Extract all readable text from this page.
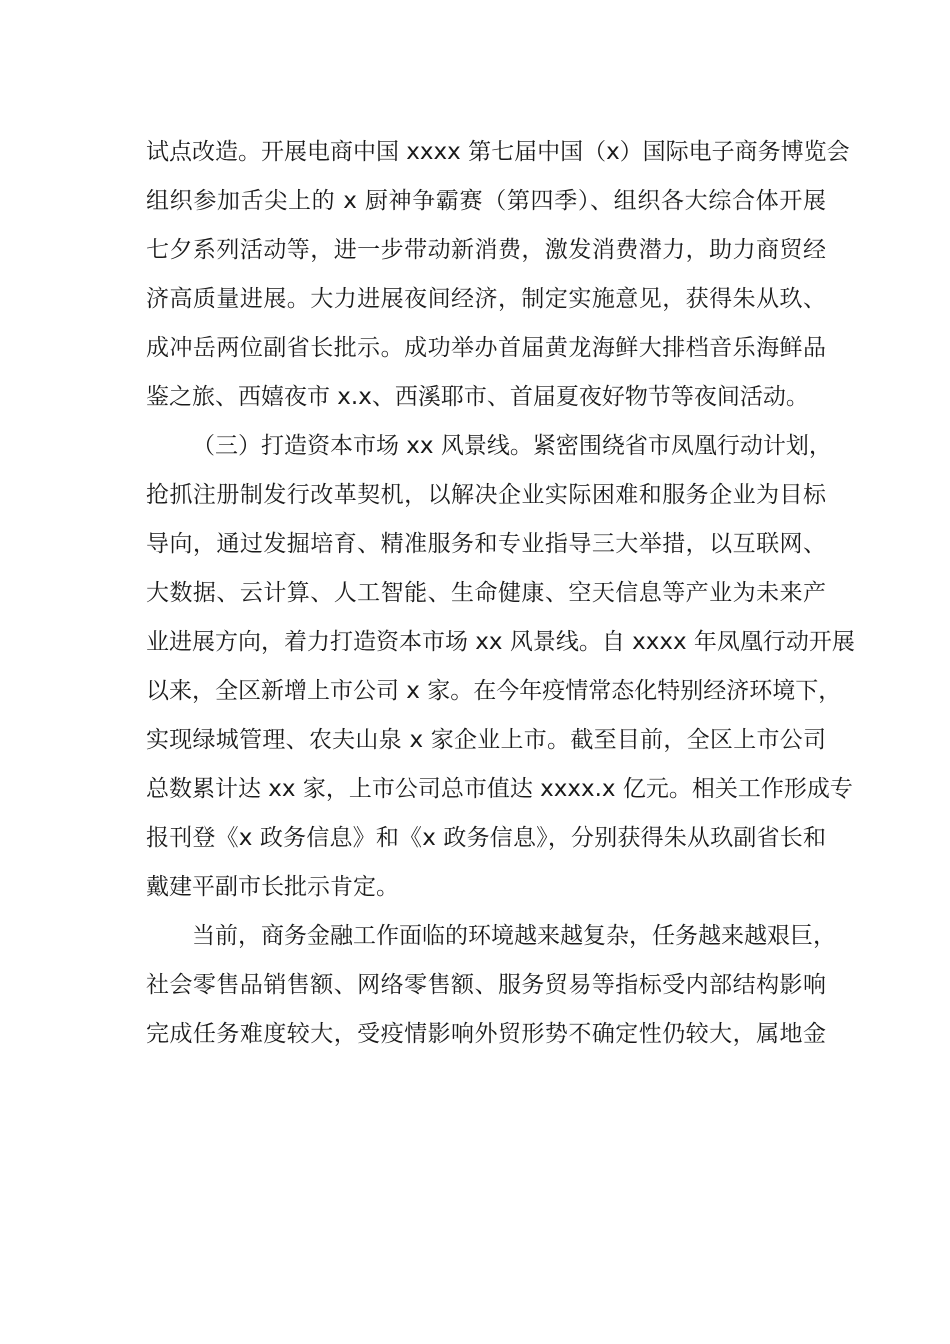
试点改造。开展电商中国 xxxx 第七届中国（x）国际电子商务博览会
组织参加舌尖上的 x 厨神争霸赛（第四季）、组织各大综合体开展
七夕系列活动等，进一步带动新消费，激发消费潜力，助力商贸经
济高质量进展。大力进展夜间经济，制定实施意见，获得朱从玖、
成冲岳两位副省长批示。成功举办首届黄龙海鲜大排档音乐海鲜品
鉴之旅、西嬉夜市 x.x、西溪耶市、首届夏夜好物节等夜间活动。
（三）打造资本市场 xx 风景线。紧密围绕省市凤凰行动计划，
抢抓注册制发行改革契机，以解决企业实际困难和服务企业为目标
导向，通过发掘培育、精准服务和专业指导三大举措，以互联网、
大数据、云计算、人工智能、生命健康、空天信息等产业为未来产
业进展方向，着力打造资本市场 xx 风景线。自 xxxx 年凤凰行动开展
以来，全区新增上市公司 x 家。在今年疫情常态化特别经济环境下，
实现绿城管理、农夫山泉 x 家企业上市。截至目前，全区上市公司
总数累计达 xx 家，上市公司总市值达 xxxx.x 亿元。相关工作形成专
报刊登《x 政务信息》和《x 政务信息》，分别获得朱从玖副省长和
戴建平副市长批示肯定。
当前，商务金融工作面临的环境越来越复杂，任务越来越艰巨，
社会零售品销售额、网络零售额、服务贸易等指标受内部结构影响
完成任务难度较大，受疫情影响外贸形势不确定性仍较大，属地金
